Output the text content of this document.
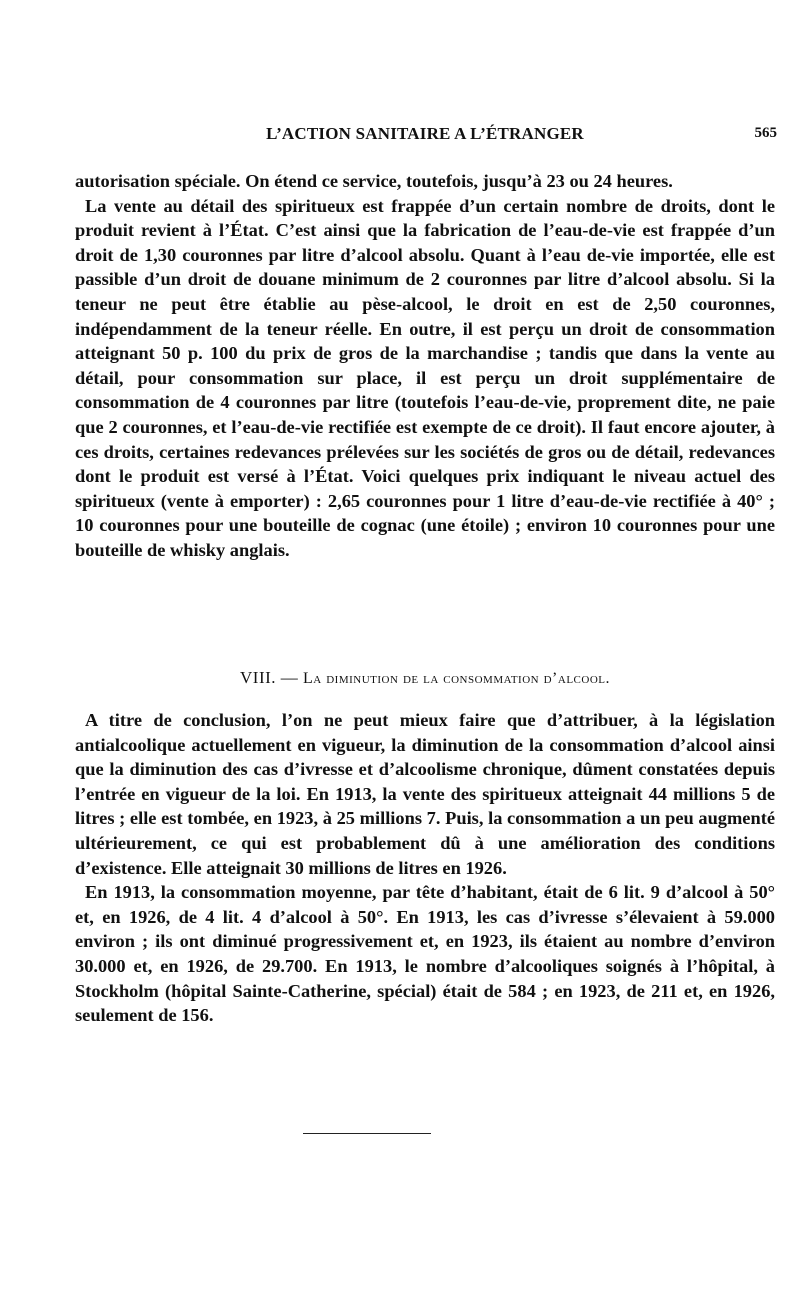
L’ACTION SANITAIRE A L’ÉTRANGER	565

autorisation spéciale. On étend ce service, toutefois, jusqu’à 23 ou 24 heures.

La vente au détail des spiritueux est frappée d’un certain nombre de droits, dont le produit revient à l’État. C’est ainsi que la fabrication de l’eau-de-vie est frappée d’un droit de 1,30 couronnes par litre d’alcool absolu. Quant à l’eau de-vie importée, elle est passible d’un droit de douane minimum de 2 couronnes par litre d’alcool absolu. Si la teneur ne peut être établie au pèse-alcool, le droit en est de 2,50 couronnes, indépendamment de la teneur réelle. En outre, il est perçu un droit de consommation atteignant 50 p. 100 du prix de gros de la marchandise ; tandis que dans la vente au détail, pour consommation sur place, il est perçu un droit supplémentaire de consommation de 4 couronnes par litre (toutefois l’eau-de-vie, proprement dite, ne paie que 2 couronnes, et l’eau-de-vie rectifiée est exempte de ce droit). Il faut encore ajouter, à ces droits, certaines redevances prélevées sur les sociétés de gros ou de détail, redevances dont le produit est versé à l’État. Voici quelques prix indiquant le niveau actuel des spiritueux (vente à emporter) : 2,65 couronnes pour 1 litre d’eau-de-vie rectifiée à 40° ; 10 couronnes pour une bouteille de cognac (une étoile) ; environ 10 couronnes pour une bouteille de whisky anglais.

VIII. — La diminution de la consommation d’alcool.

A titre de conclusion, l’on ne peut mieux faire que d’attribuer, à la législation antialcoolique actuellement en vigueur, la diminution de la consommation d’alcool ainsi que la diminution des cas d’ivresse et d’alcoolisme chronique, dûment constatées depuis l’entrée en vigueur de la loi. En 1913, la vente des spiritueux atteignait 44 millions 5 de litres ; elle est tombée, en 1923, à 25 millions 7. Puis, la consommation a un peu augmenté ultérieurement, ce qui est probablement dû à une amélioration des conditions d’existence. Elle atteignait 30 millions de litres en 1926.

En 1913, la consommation moyenne, par tête d’habitant, était de 6 lit. 9 d’alcool à 50° et, en 1926, de 4 lit. 4 d’alcool à 50°. En 1913, les cas d’ivresse s’élevaient à 59.000 environ ; ils ont diminué progressivement et, en 1923, ils étaient au nombre d’environ 30.000 et, en 1926, de 29.700. En 1913, le nombre d’alcooliques soignés à l’hôpital, à Stockholm (hôpital Sainte-Catherine, spécial) était de 584 ; en 1923, de 211 et, en 1926, seulement de 156.
